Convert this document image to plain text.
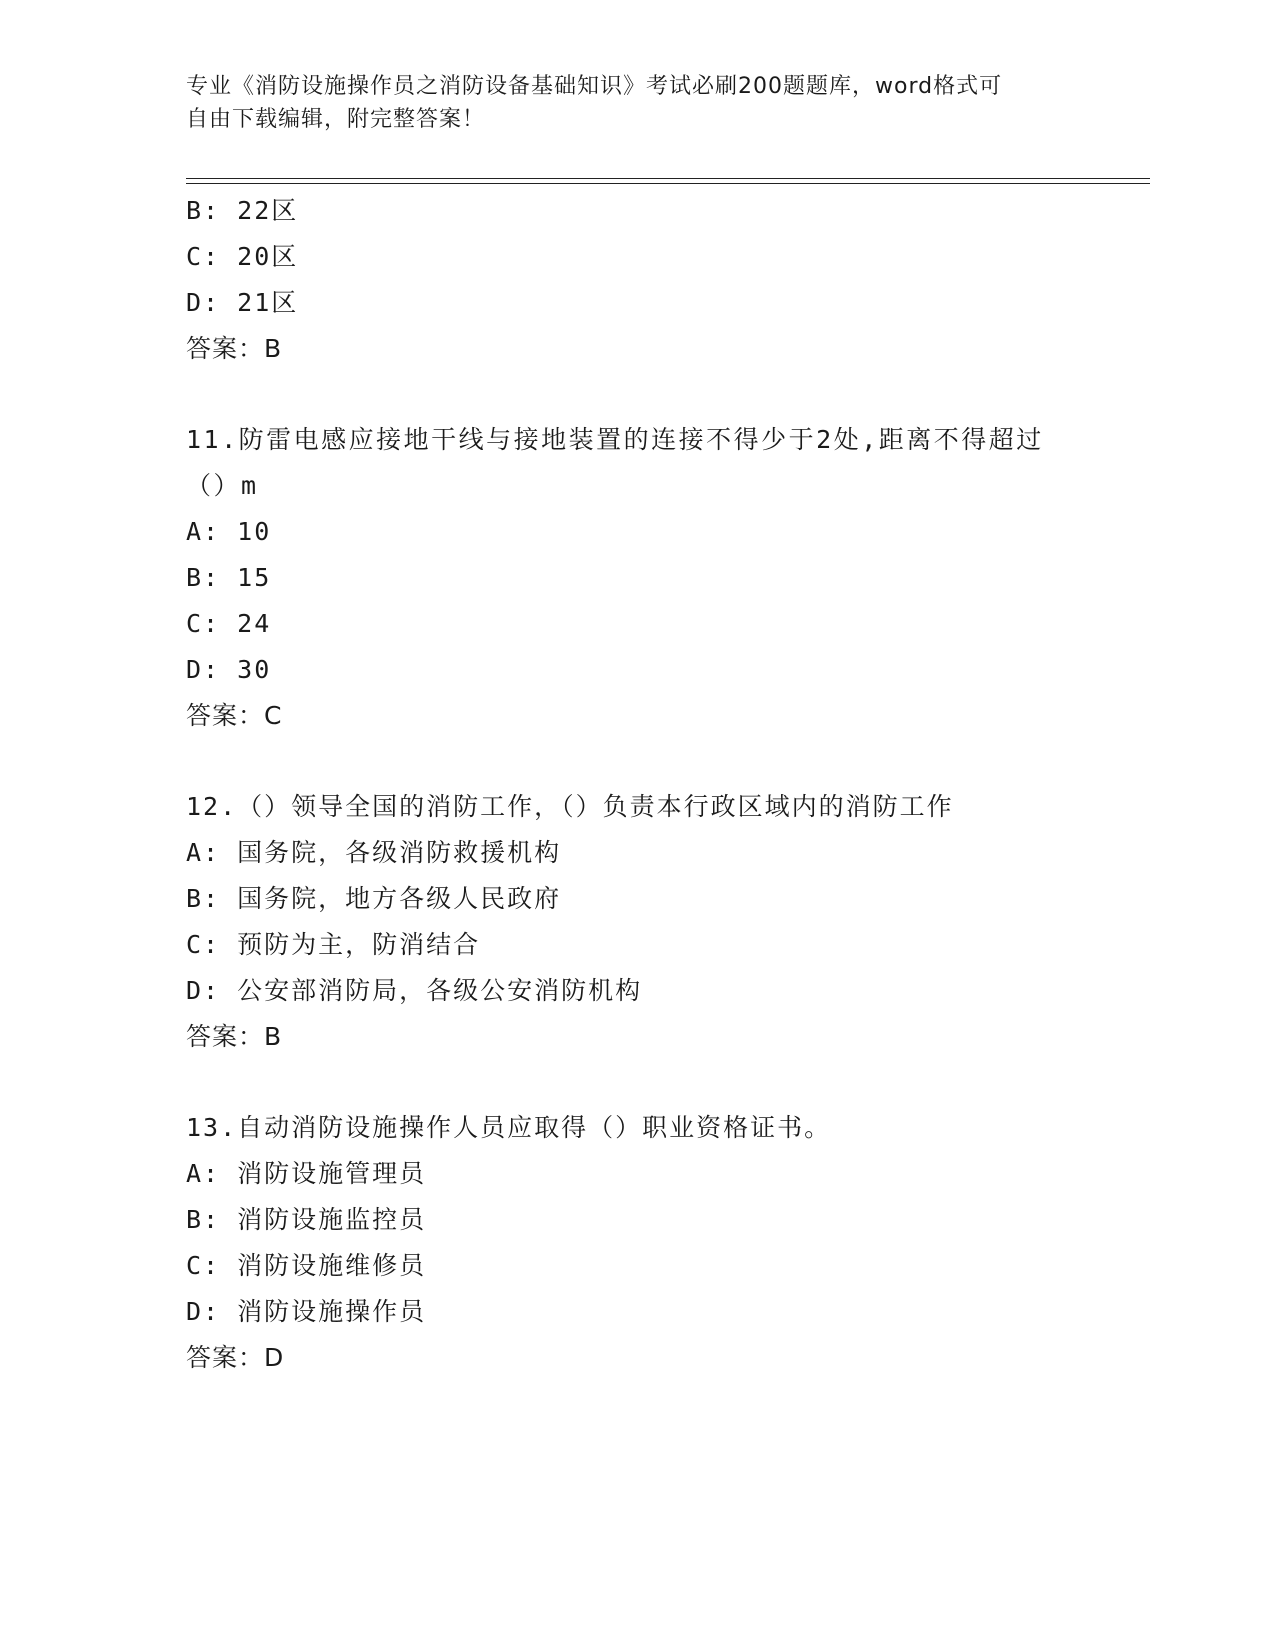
专业《消防设施操作员之消防设备基础知识》考试必刷200题题库，word格式可
自由下载编辑，附完整答案！
B: 22区
C: 20区
D: 21区
答案：B
11.防雷电感应接地干线与接地装置的连接不得少于2处,距离不得超过（）m
A: 10
B: 15
C: 24
D: 30
答案：C
12.（）领导全国的消防工作，（）负责本行政区域内的消防工作
A: 国务院，各级消防救援机构
B: 国务院，地方各级人民政府
C: 预防为主，防消结合
D: 公安部消防局，各级公安消防机构
答案：B
13.自动消防设施操作人员应取得（）职业资格证书。
A: 消防设施管理员
B: 消防设施监控员
C: 消防设施维修员
D: 消防设施操作员
答案：D
